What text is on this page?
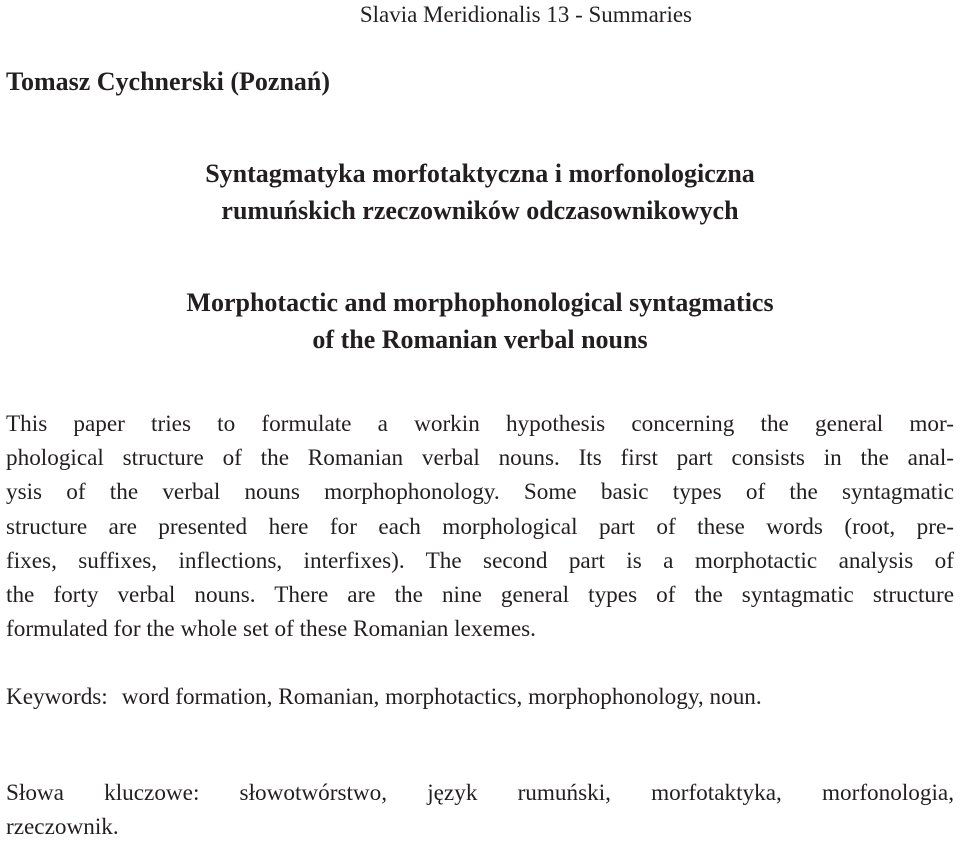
Slavia Meridionalis 13 - Summaries
Tomasz Cychnerski (Poznań)
Syntagmatyka morfotaktyczna i morfonologiczna
rumuńskich rzeczowników odczasownikowych
Morphotactic and morphophonological syntagmatics
of the Romanian verbal nouns
This paper tries to formulate a workin hypothesis concerning the general mor-
phological structure of the Romanian verbal nouns. Its first part consists in the anal-
ysis of the verbal nouns morphophonology. Some basic types of the syntagmatic
structure are presented here for each morphological part of these words (root, pre-
fixes, suffixes, inflections, interfixes). The second part is a morphotactic analysis of
the forty verbal nouns. There are the nine general types of the syntagmatic structure
formulated for the whole set of these Romanian lexemes.
Keywords: word formation, Romanian, morphotactics, morphophonology, noun.
Słowa kluczowe: słowotwórstwo, język rumuński, morfotaktyka, morfonologia,
rzeczownik.
